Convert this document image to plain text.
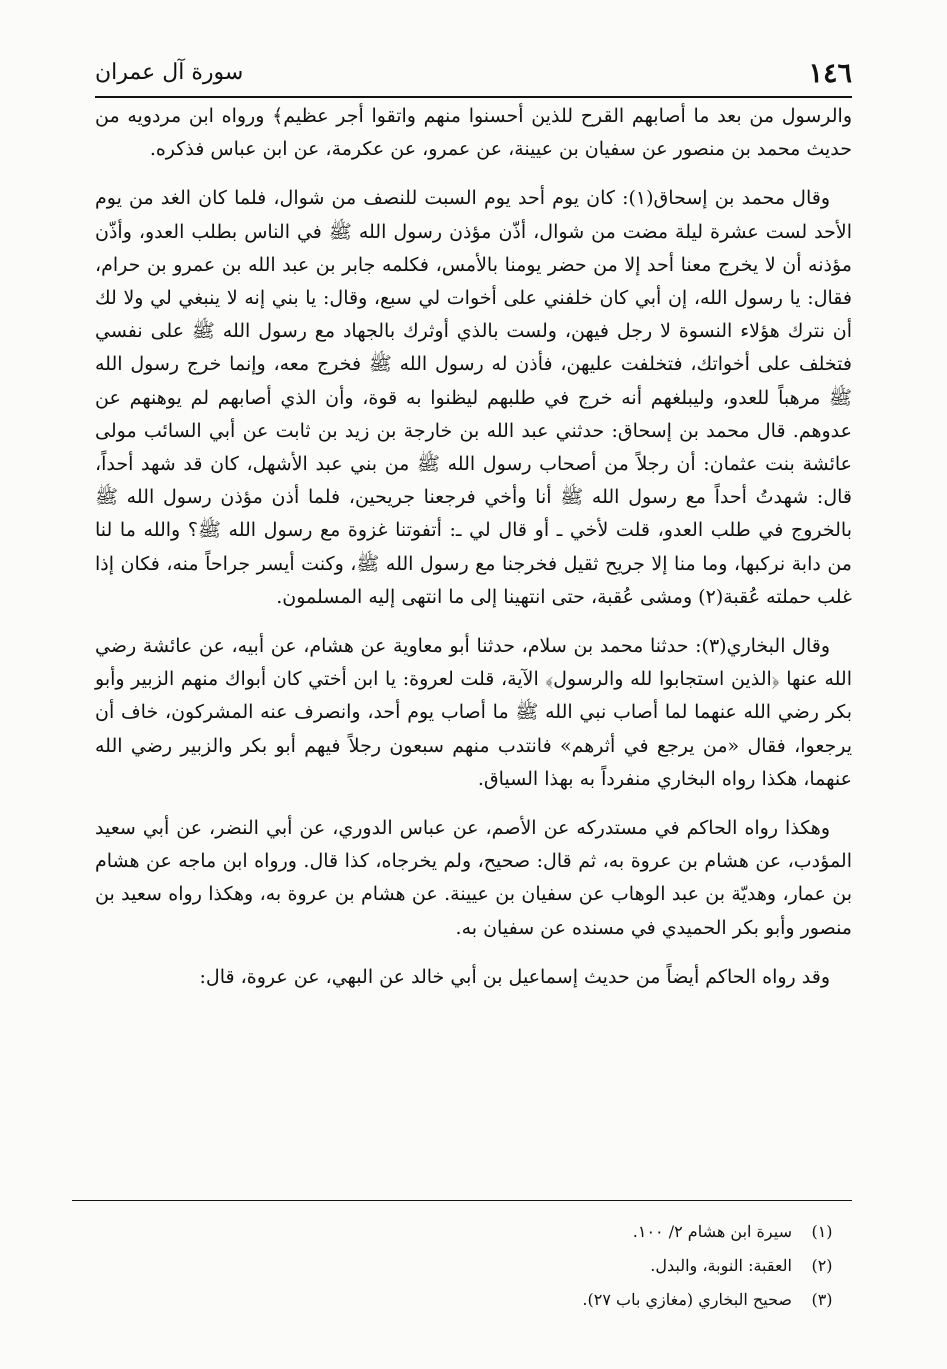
١٤٦
سورة آل عمران

والرسول من بعد ما أصابهم القرح للذين أحسنوا منهم واتقوا أجر عظيم﴾ ورواه ابن مردويه من حديث محمد بن منصور عن سفيان بن عيينة، عن عمرو، عن عكرمة، عن ابن عباس فذكره.

وقال محمد بن إسحاق(١): كان يوم أحد يوم السبت للنصف من شوال، فلما كان الغد من يوم الأحد لست عشرة ليلة مضت من شوال، أذّن مؤذن رسول الله ﷺ في الناس بطلب العدو، وأذّن مؤذنه أن لا يخرج معنا أحد إلا من حضر يومنا بالأمس، فكلمه جابر بن عبد الله بن عمرو بن حرام، فقال: يا رسول الله، إن أبي كان خلفني على أخوات لي سبع، وقال: يا بني إنه لا ينبغي لي ولا لك أن نترك هؤلاء النسوة لا رجل فيهن، ولست بالذي أوثرك بالجهاد مع رسول الله ﷺ على نفسي فتخلف على أخواتك، فتخلفت عليهن، فأذن له رسول الله ﷺ فخرج معه، وإنما خرج رسول الله ﷺ مرهباً للعدو، وليبلغهم أنه خرج في طلبهم ليظنوا به قوة، وأن الذي أصابهم لم يوهنهم عن عدوهم. قال محمد بن إسحاق: حدثني عبد الله بن خارجة بن زيد بن ثابت عن أبي السائب مولى عائشة بنت عثمان: أن رجلاً من أصحاب رسول الله ﷺ من بني عبد الأشهل، كان قد شهد أحداً، قال: شهدتُ أحداً مع رسول الله ﷺ أنا وأخي فرجعنا جريحين، فلما أذن مؤذن رسول الله ﷺ بالخروج في طلب العدو، قلت لأخي ـ أو قال لي ـ: أتفوتنا غزوة مع رسول الله ﷺ؟ والله ما لنا من دابة نركبها، وما منا إلا جريح ثقيل فخرجنا مع رسول الله ﷺ، وكنت أيسر جراحاً منه، فكان إذا غلب حملته عُقبة(٢) ومشى عُقبة، حتى انتهينا إلى ما انتهى إليه المسلمون.

وقال البخاري(٣): حدثنا محمد بن سلام، حدثنا أبو معاوية عن هشام، عن أبيه، عن عائشة رضي الله عنها ﴿الذين استجابوا لله والرسول﴾ الآية، قلت لعروة: يا ابن أختي كان أبواك منهم الزبير وأبو بكر رضي الله عنهما لما أصاب نبي الله ﷺ ما أصاب يوم أحد، وانصرف عنه المشركون، خاف أن يرجعوا، فقال «من يرجع في أثرهم» فانتدب منهم سبعون رجلاً فيهم أبو بكر والزبير رضي الله عنهما، هكذا رواه البخاري منفرداً به بهذا السياق.

وهكذا رواه الحاكم في مستدركه عن الأصم، عن عباس الدوري، عن أبي النضر، عن أبي سعيد المؤدب، عن هشام بن عروة به، ثم قال: صحيح، ولم يخرجاه، كذا قال. ورواه ابن ماجه عن هشام بن عمار، وهديّة بن عبد الوهاب عن سفيان بن عيينة. عن هشام بن عروة به، وهكذا رواه سعيد بن منصور وأبو بكر الحميدي في مسنده عن سفيان به.

وقد رواه الحاكم أيضاً من حديث إسماعيل بن أبي خالد عن البهي، عن عروة، قال:

(١)
سيرة ابن هشام ٢/ ١٠٠.
(٢)
العقبة: النوبة، والبدل.
(٣)
صحيح البخاري (مغازي باب ٢٧).
